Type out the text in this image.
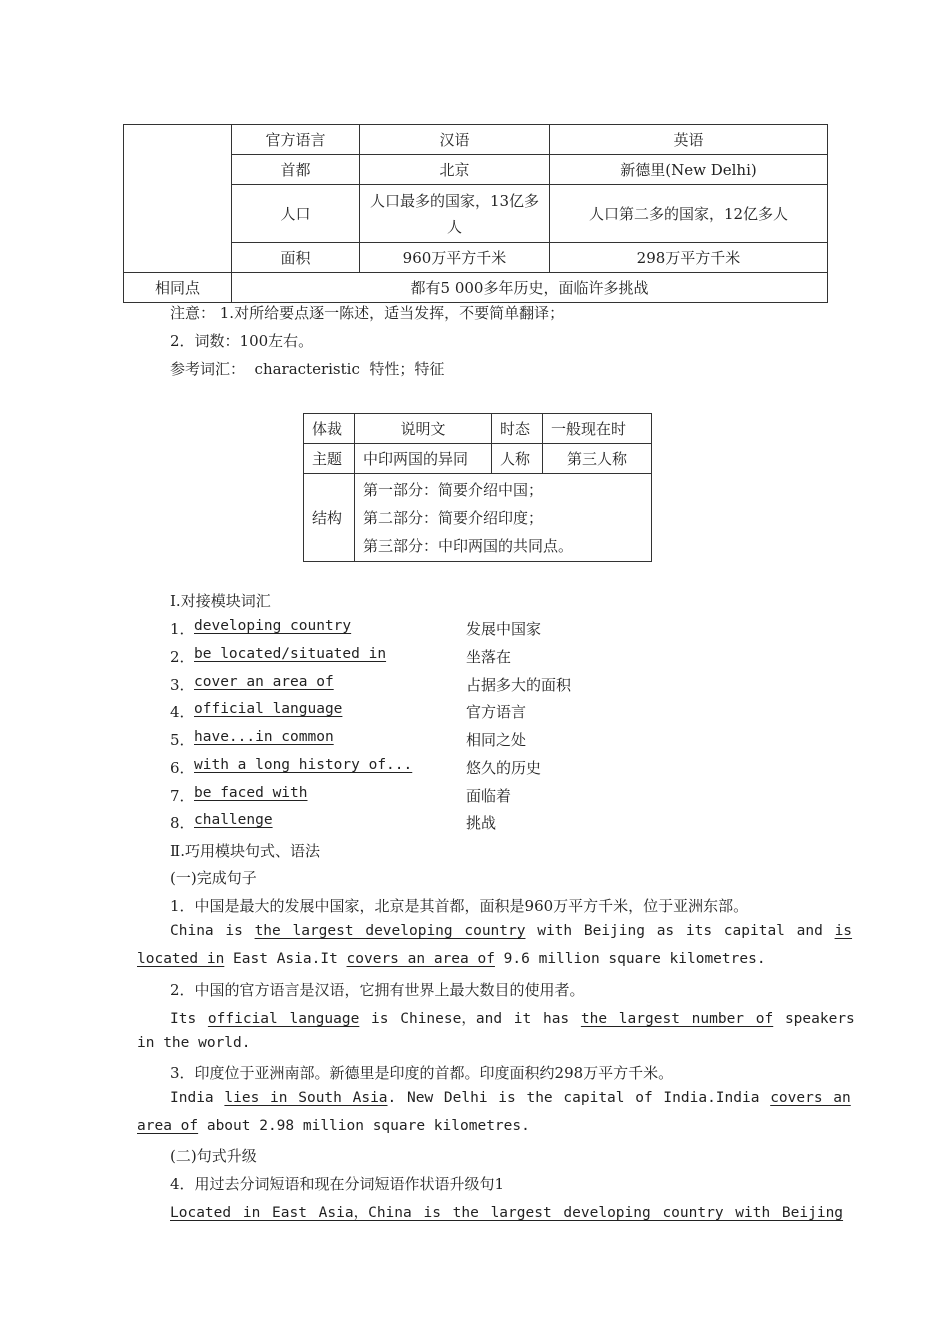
	官方语言	汉语	英语
	首都	北京	新德里(New Delhi)
	人口	人口最多的国家，13亿多人	人口第二多的国家，12亿多人
	面积	960万平方千米	298万平方千米
相同点	都有5 000多年历史，面临许多挑战		
注意： 1.对所给要点逐一陈述，适当发挥，不要简单翻译；
2．词数：100左右。
参考词汇：  characteristic  特性；特征
体裁	说明文	时态	一般现在时
主题	中印两国的异同	人称	第三人称
结构	第一部分：简要介绍中国；
第二部分：简要介绍印度；
第三部分：中印两国的共同点。		
Ⅰ.对接模块词汇
1． developing country	发展中国家
2． be located/situated in	坐落在
3． cover an area of	占据多大的面积
4． official language	官方语言
5． have...in common	相同之处
6． with a long history of...	悠久的历史
7． be faced with	面临着
8． challenge	挑战
Ⅱ.巧用模块句式、语法
(一)完成句子
1．中国是最大的发展中国家，北京是其首都，面积是960万平方千米，位于亚洲东部。
China is the largest developing country with Beijing as its capital and is
located in East Asia.It covers an area of 9.6 million square kilometres.
2．中国的官方语言是汉语，它拥有世界上最大数目的使用者。
Its official language is Chinese，and it has the largest number of speakers
in the world.
3．印度位于亚洲南部。新德里是印度的首都。印度面积约298万平方千米。
India lies in South Asia. New Delhi is the capital of India.India covers an
area of about 2.98 million square kilometres.
(二)句式升级
4．用过去分词短语和现在分词短语作状语升级句1
Located in East Asia，China is the largest developing country with Beijing
